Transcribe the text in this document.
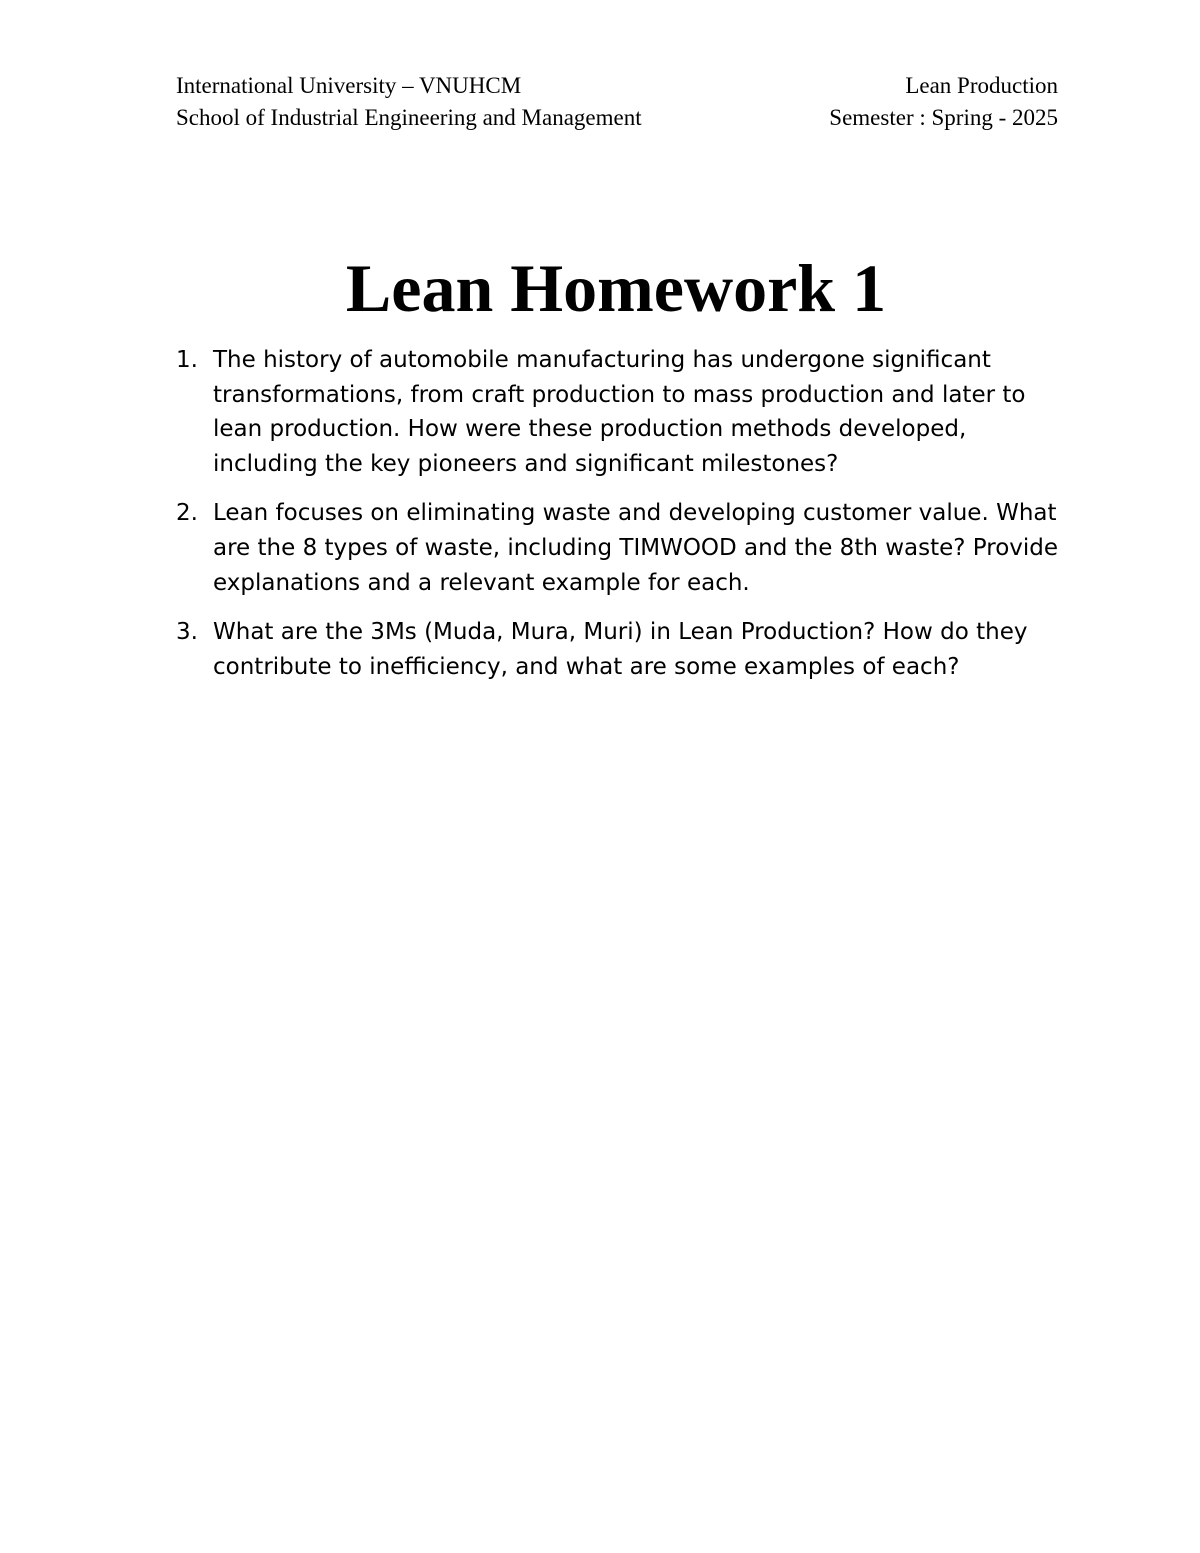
International University – VNUHCM	Lean Production
School of Industrial Engineering and Management	Semester : Spring - 2025
Lean Homework 1
1. The history of automobile manufacturing has undergone significant transformations, from craft production to mass production and later to lean production. How were these production methods developed, including the key pioneers and significant milestones?
2. Lean focuses on eliminating waste and developing customer value. What are the 8 types of waste, including TIMWOOD and the 8th waste? Provide explanations and a relevant example for each.
3. What are the 3Ms (Muda, Mura, Muri) in Lean Production? How do they contribute to inefficiency, and what are some examples of each?
